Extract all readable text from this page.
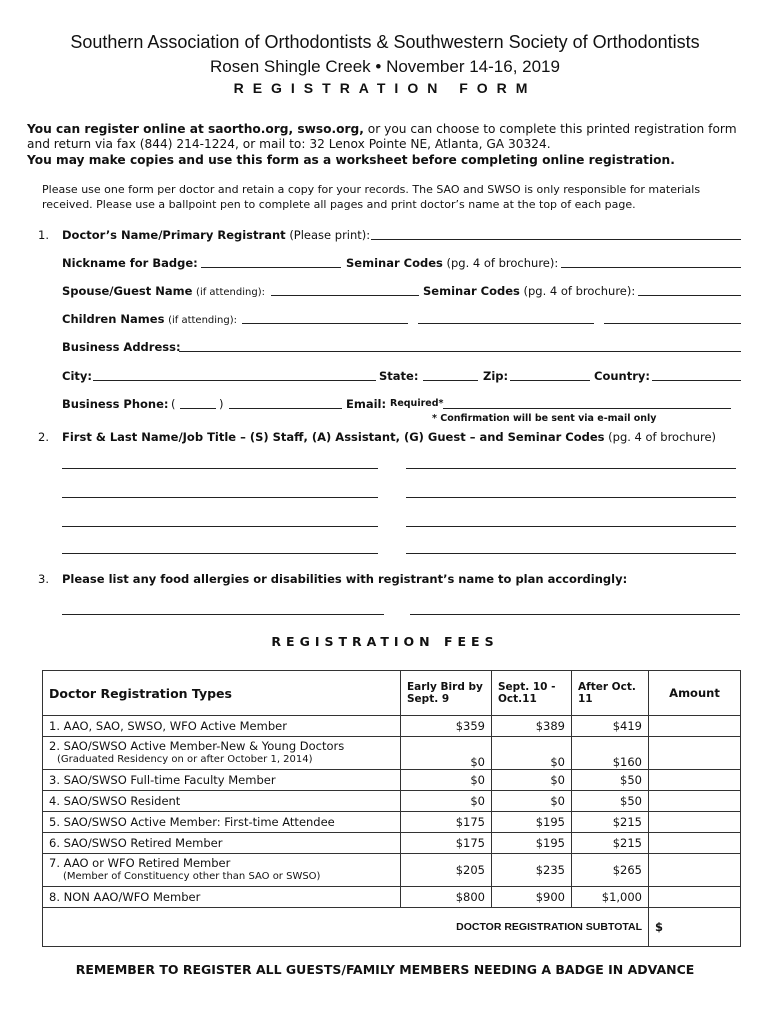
Southern Association of Orthodontists & Southwestern Society of Orthodontists
Rosen Shingle Creek • November 14-16, 2019
REGISTRATION FORM
You can register online at saortho.org, swso.org, or you can choose to complete this printed registration form and return via fax (844) 214-1224, or mail to: 32 Lenox Pointe NE, Atlanta, GA 30324.
You may make copies and use this form as a worksheet before completing online registration.
Please use one form per doctor and retain a copy for your records. The SAO and SWSO is only responsible for materials received. Please use a ballpoint pen to complete all pages and print doctor’s name at the top of each page.
1. Doctor’s Name/Primary Registrant (Please print):
Nickname for Badge:	Seminar Codes (pg. 4 of brochure):
Spouse/Guest Name (if attending):	Seminar Codes (pg. 4 of brochure):
Children Names (if attending):
Business Address:
City:	State:	Zip:	Country:
Business Phone: (	)	Email: Required*
* Confirmation will be sent via e-mail only
2. First & Last Name/Job Title – (S) Staff, (A) Assistant, (G) Guest – and Seminar Codes (pg. 4 of brochure)
3. Please list any food allergies or disabilities with registrant’s name to plan accordingly:
REGISTRATION FEES
Doctor Registration Types	Early Bird by Sept. 9	Sept. 10 - Oct.11	After Oct. 11	Amount
1. AAO, SAO, SWSO, WFO Active Member	$359	$389	$419	

2. SAO/SWSO Active Member-New & Young Doctors
(Graduated Residency on or after October 1, 2014)	$0	$0	$160	
3. SAO/SWSO Full-time Faculty Member	$0	$0	$50	
4. SAO/SWSO Resident	$0	$0	$50	
5. SAO/SWSO Active Member: First-time Attendee	$175	$195	$215	
6. SAO/SWSO Retired Member	$175	$195	$215	

7. AAO or WFO Retired Member
(Member of Constituency other than SAO or SWSO)	$205	$235	$265	
8. NON AAO/WFO Member	$800	$900	$1,000	
DOCTOR REGISTRATION SUBTOTAL				$
REMEMBER TO REGISTER ALL GUESTS/FAMILY MEMBERS NEEDING A BADGE IN ADVANCE
